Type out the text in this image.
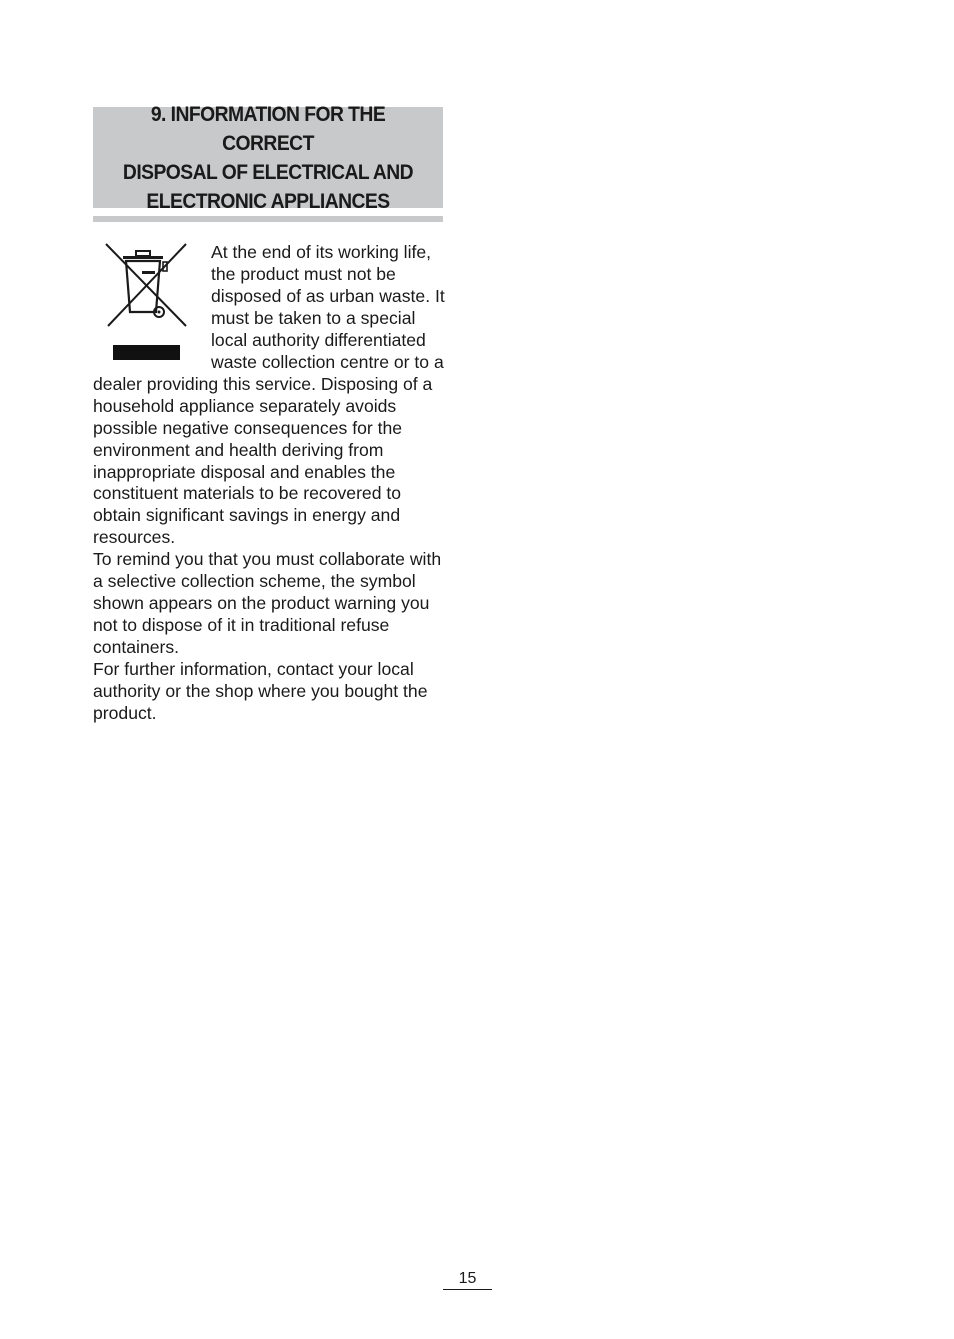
9. INFORMATION FOR THE CORRECT
DISPOSAL OF ELECTRICAL AND
ELECTRONIC APPLIANCES

At the end of its working life, the product must not be disposed of as urban waste. It must be taken to a special local authority differentiated waste collection centre or to a dealer providing this service. Disposing of a household appliance separately avoids possible negative consequences for the environment and health deriving from inappropriate disposal and enables the constituent materials to be recovered to obtain significant savings in energy and resources.

To remind you that you must collaborate with a selective collection scheme, the symbol shown appears on the product warning you not to dispose of it in traditional refuse containers.

For further information, contact your local authority or the shop where you bought the product.

15
